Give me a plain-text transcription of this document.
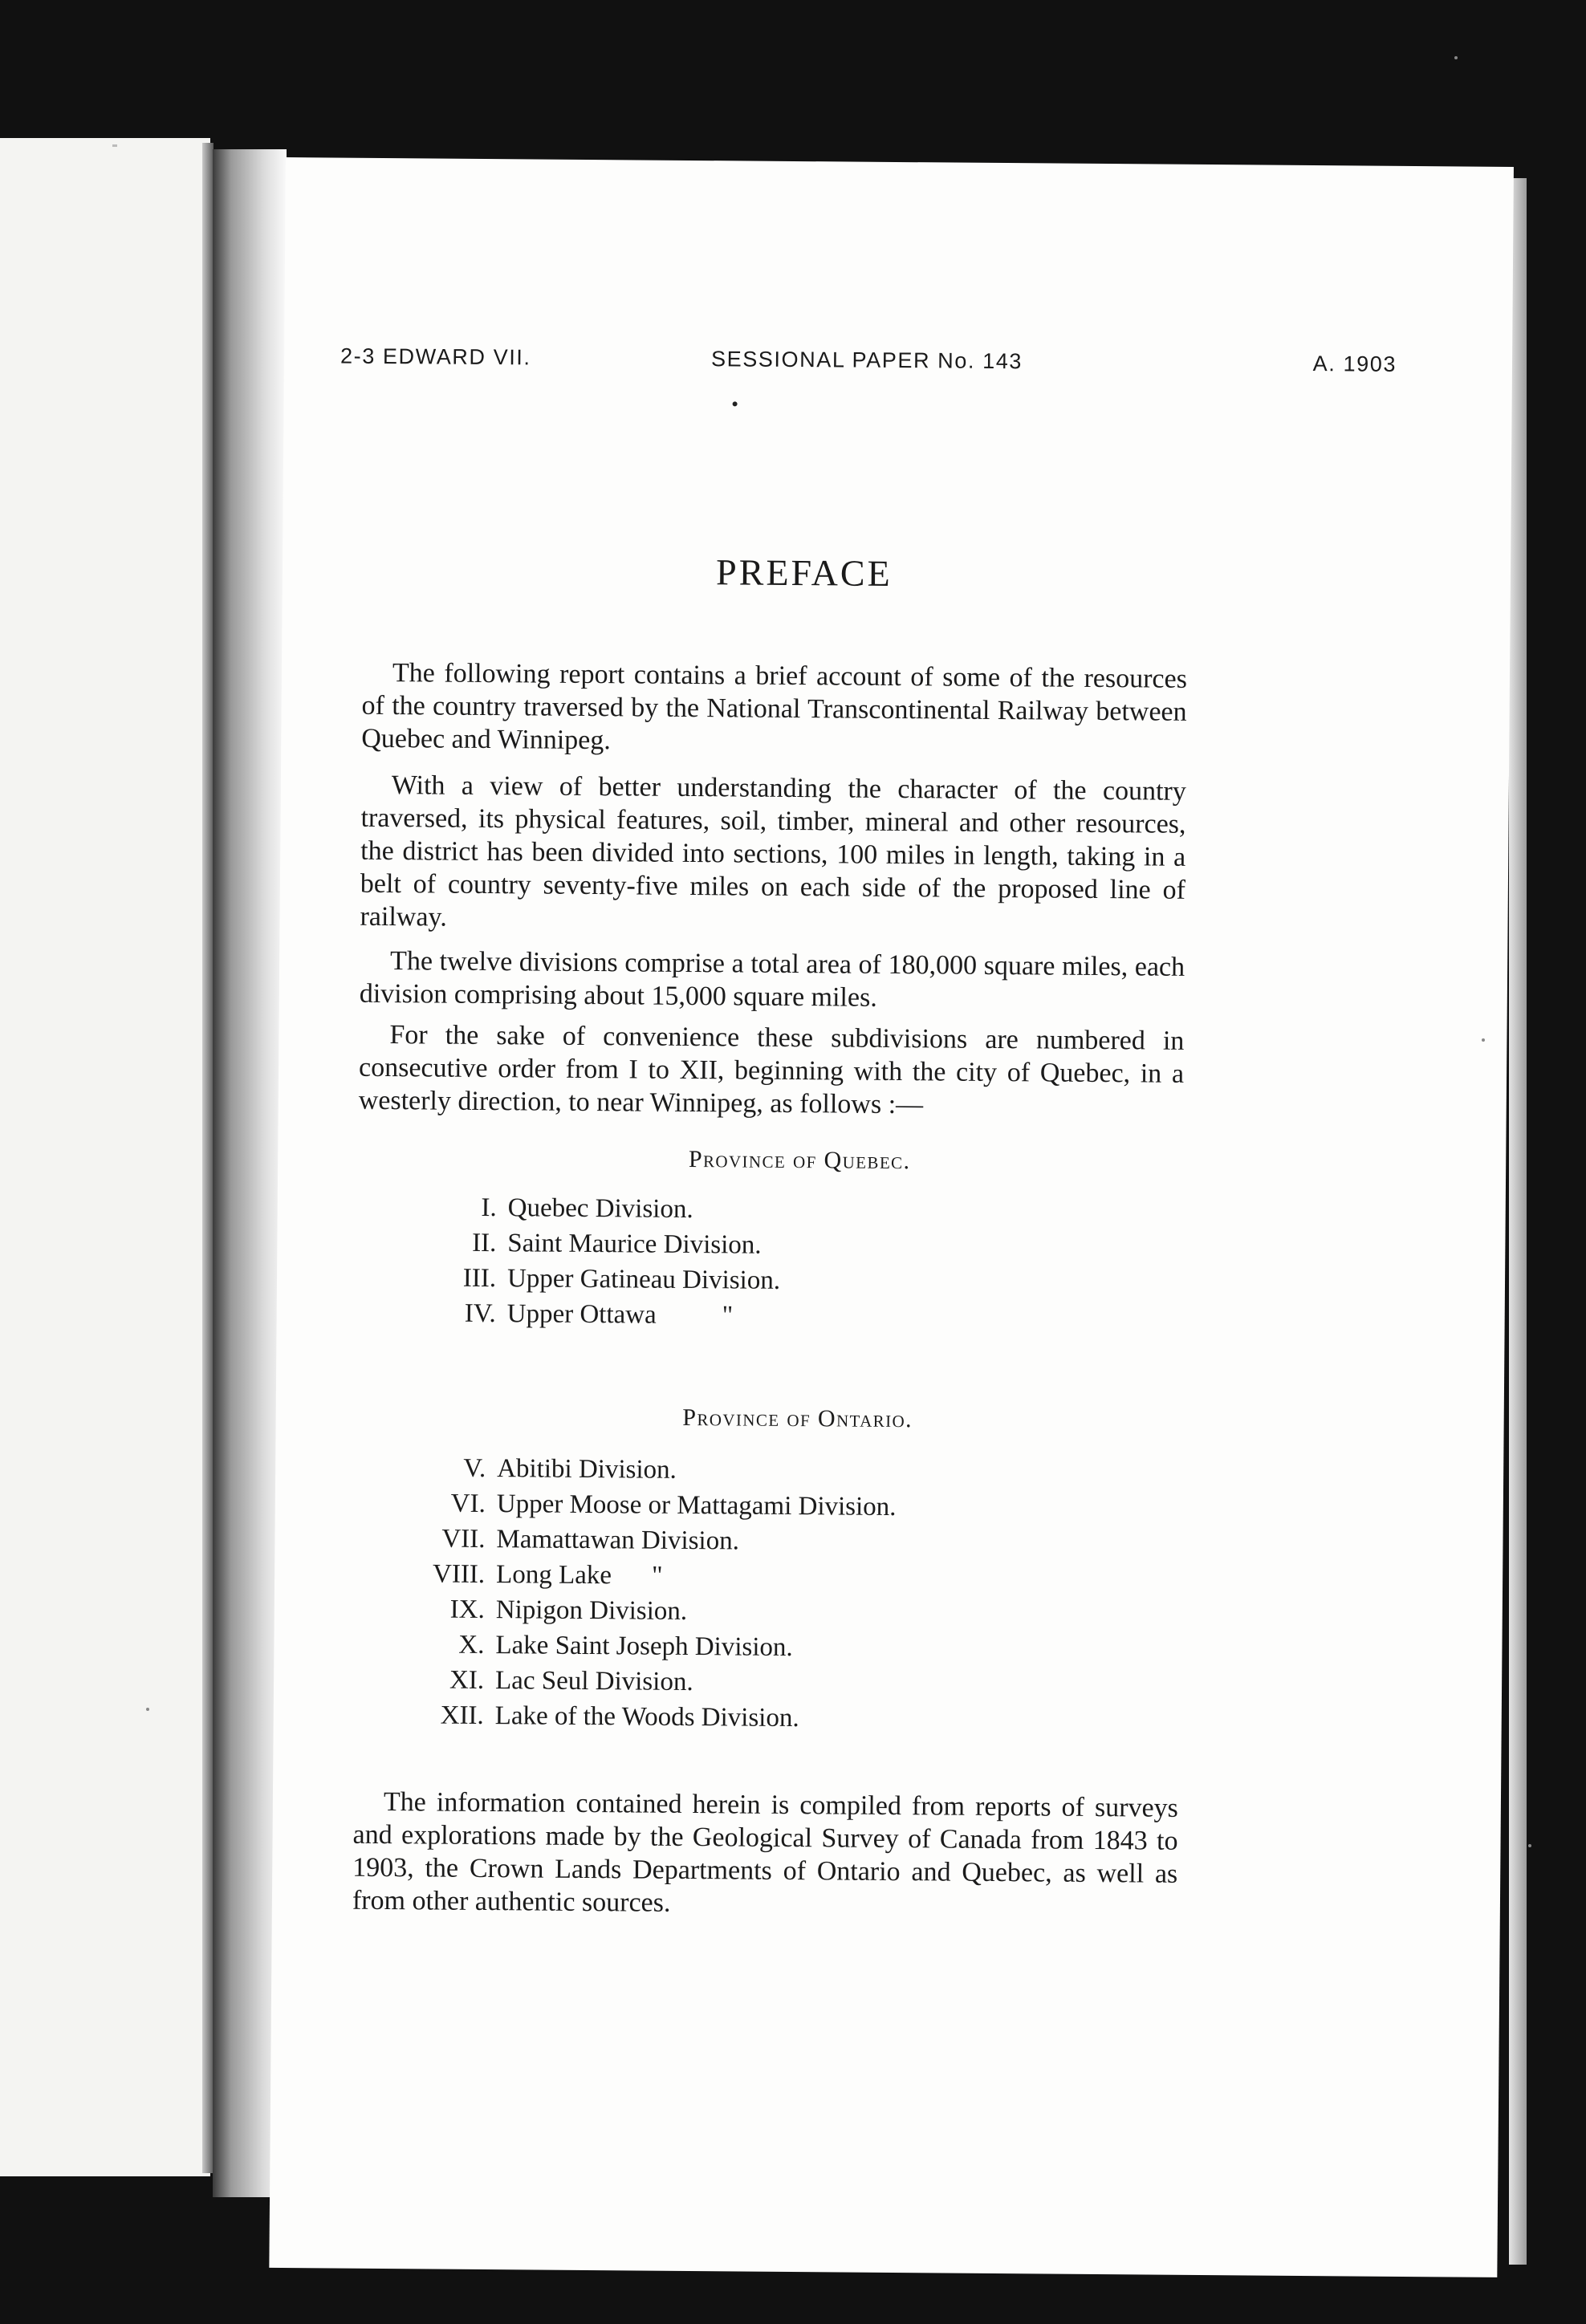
2-3 EDWARD VII.	SESSIONAL PAPER No. 143	A. 1903
PREFACE
The following report contains a brief account of some of the resources of the country traversed by the National Transcontinental Railway between Quebec and Winnipeg.
With a view of better understanding the character of the country traversed, its physical features, soil, timber, mineral and other resources, the district has been divided into sections, 100 miles in length, taking in a belt of country seventy-five miles on each side of the proposed line of railway.
The twelve divisions comprise a total area of 180,000 square miles, each division comprising about 15,000 square miles.
For the sake of convenience these subdivisions are numbered in consecutive order from I to XII, beginning with the city of Quebec, in a westerly direction, to near Winnipeg, as follows :—
Province of Quebec.
I. Quebec Division.
II. Saint Maurice Division.
III. Upper Gatineau Division.
IV. Upper Ottawa "
Province of Ontario.
V. Abitibi Division.
VI. Upper Moose or Mattagami Division.
VII. Mamattawan Division.
VIII. Long Lake "
IX. Nipigon Division.
X. Lake Saint Joseph Division.
XI. Lac Seul Division.
XII. Lake of the Woods Division.
The information contained herein is compiled from reports of surveys and explorations made by the Geological Survey of Canada from 1843 to 1903, the Crown Lands Departments of Ontario and Quebec, as well as from other authentic sources.
